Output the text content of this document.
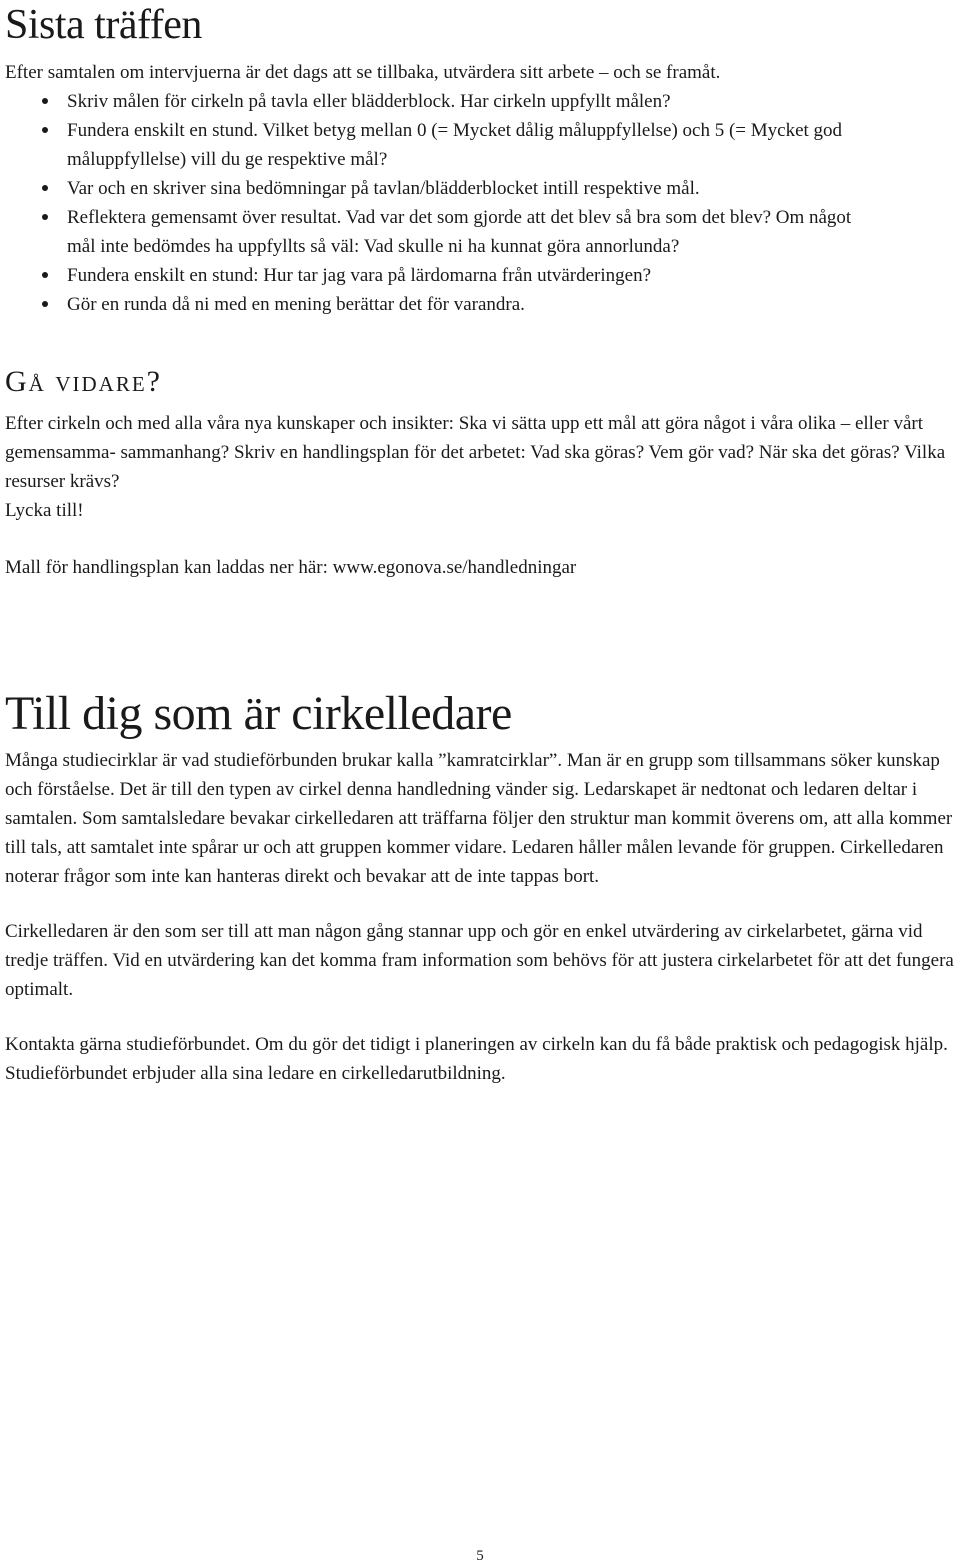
Sista träffen

Efter samtalen om intervjuerna är det dags att se tillbaka, utvärdera sitt arbete – och se framåt.

Skriv målen för cirkeln på tavla eller blädderblock. Har cirkeln uppfyllt målen?
Fundera enskilt en stund. Vilket betyg mellan 0 (= Mycket dålig måluppfyllelse) och 5 (= Mycket god måluppfyllelse) vill du ge respektive mål?
Var och en skriver sina bedömningar på tavlan/blädderblocket intill respektive mål.
Reflektera gemensamt över resultat. Vad var det som gjorde att det blev så bra som det blev? Om något mål inte bedömdes ha uppfyllts så väl: Vad skulle ni ha kunnat göra annorlunda?
Fundera enskilt en stund: Hur tar jag vara på lärdomarna från utvärderingen?
Gör en runda då ni med en mening berättar det för varandra.
Gå vidare?

Efter cirkeln och med alla våra nya kunskaper och insikter: Ska vi sätta upp ett mål att göra något i våra olika – eller vårt gemensamma- sammanhang? Skriv en handlingsplan för det arbetet: Vad ska göras? Vem gör vad? När ska det göras? Vilka resurser krävs?

Lycka till!

Mall för handlingsplan kan laddas ner här: www.egonova.se/handledningar

Till dig som är cirkelledare

Många studiecirklar är vad studieförbunden brukar kalla ”kamratcirklar”. Man är en grupp som tillsammans söker kunskap och förståelse. Det är till den typen av cirkel denna handledning vänder sig. Ledarskapet är nedtonat och ledaren deltar i samtalen. Som samtalsledare bevakar cirkelledaren att träffarna följer den struktur man kommit överens om, att alla kommer till tals, att samtalet inte spårar ur och att gruppen kommer vidare. Ledaren håller målen levande för gruppen. Cirkelledaren noterar frågor som inte kan hanteras direkt och bevakar att de inte tappas bort.

Cirkelledaren är den som ser till att man någon gång stannar upp och gör en enkel utvärdering av cirkelarbetet, gärna vid tredje träffen. Vid en utvärdering kan det komma fram information som behövs för att justera cirkelarbetet för att det fungera optimalt.

Kontakta gärna studieförbundet. Om du gör det tidigt i planeringen av cirkeln kan du få både praktisk och pedagogisk hjälp. Studieförbundet erbjuder alla sina ledare en cirkelledarutbildning.

5
